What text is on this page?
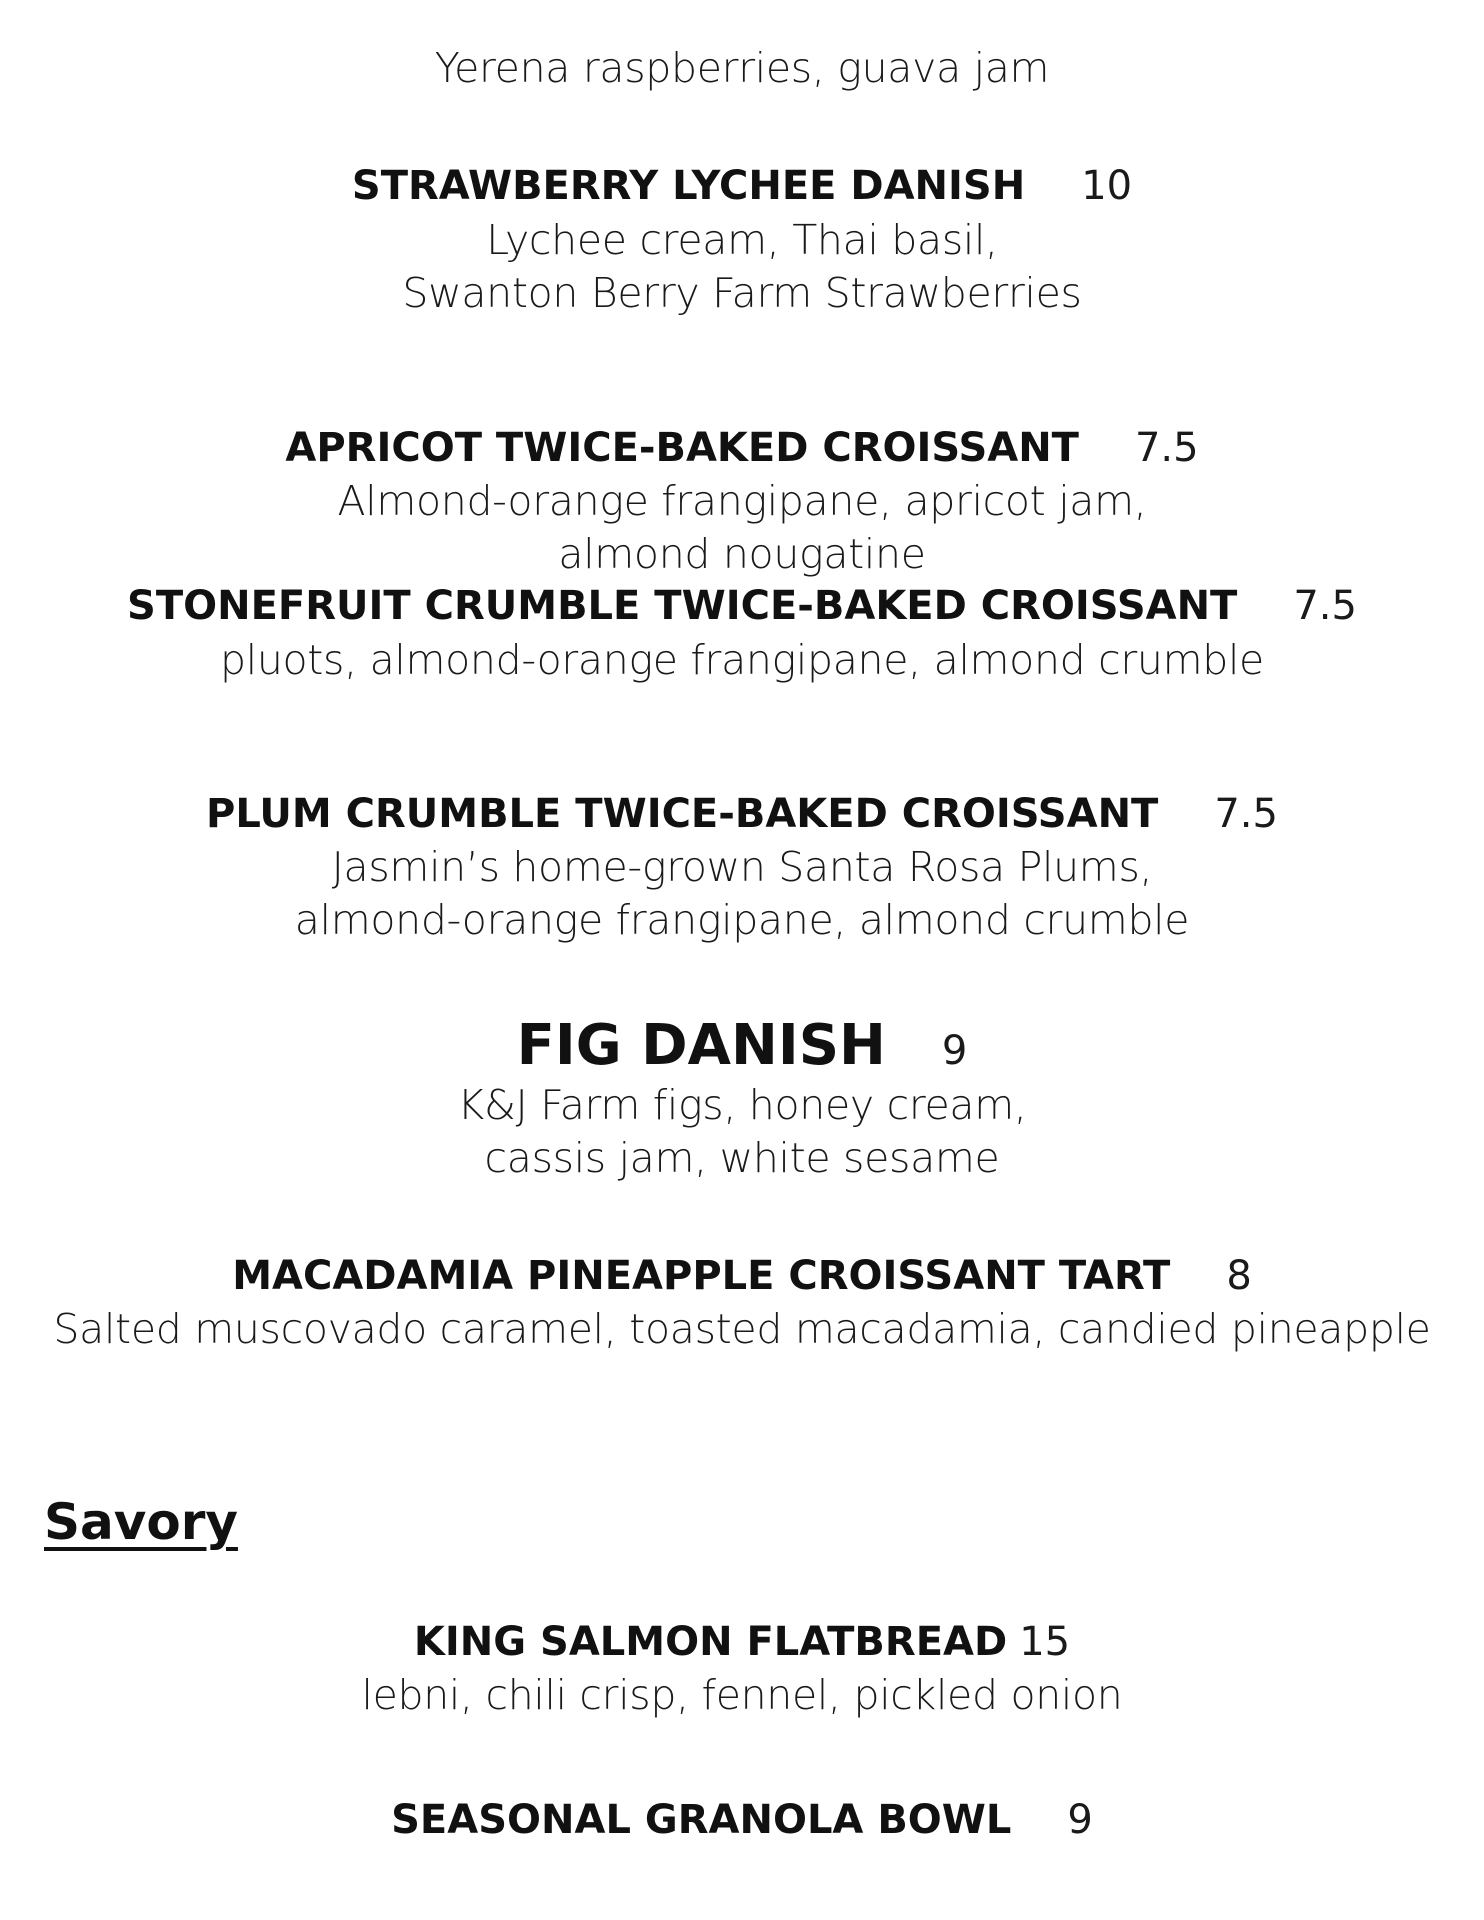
Yerena raspberries, guava jam
STRAWBERRY LYCHEE DANISH 10
Lychee cream, Thai basil,
Swanton Berry Farm Strawberries
APRICOT TWICE-BAKED CROISSANT 7.5
Almond-orange frangipane, apricot jam,
almond nougatine
STONEFRUIT CRUMBLE TWICE-BAKED CROISSANT 7.5
pluots, almond-orange frangipane, almond crumble
PLUM CRUMBLE TWICE-BAKED CROISSANT 7.5
Jasmin’s home-grown Santa Rosa Plums,
almond-orange frangipane, almond crumble
FIG DANISH 9
K&J Farm figs, honey cream,
cassis jam, white sesame
MACADAMIA PINEAPPLE CROISSANT TART 8
Salted muscovado caramel, toasted macadamia, candied pineapple
Savory
KING SALMON FLATBREAD 15
lebni, chili crisp, fennel, pickled onion
SEASONAL GRANOLA BOWL 9
